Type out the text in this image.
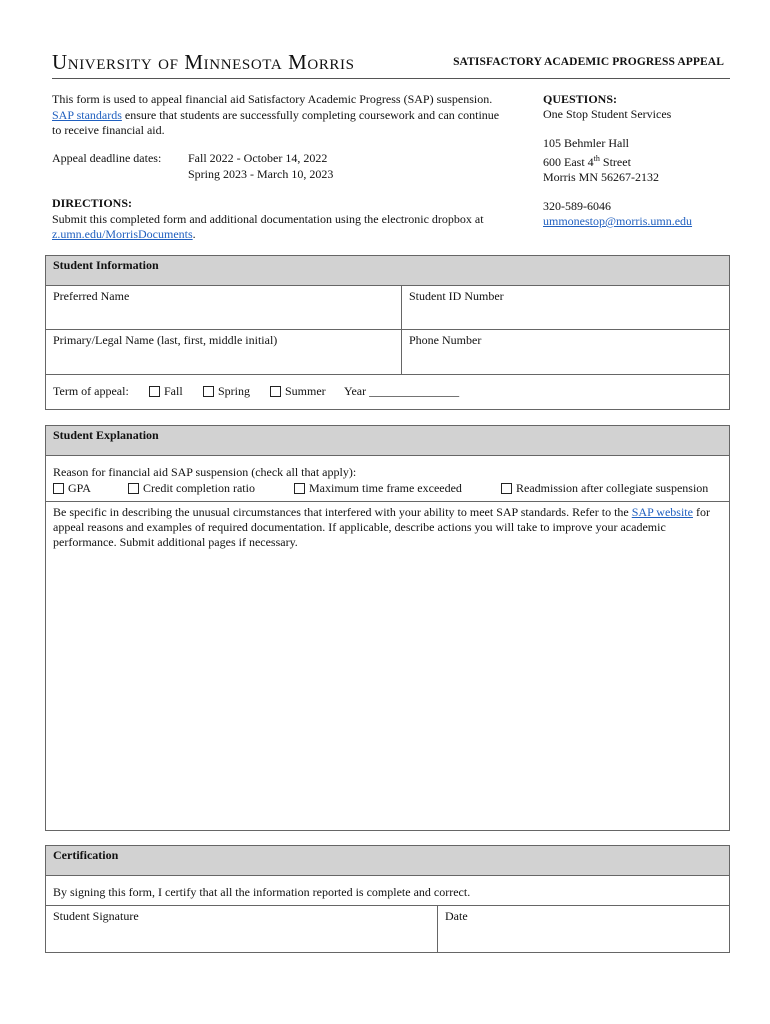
University of Minnesota Morris	SATISFACTORY ACADEMIC PROGRESS APPEAL
This form is used to appeal financial aid Satisfactory Academic Progress (SAP) suspension. SAP standards ensure that students are successfully completing coursework and can continue to receive financial aid.
Appeal deadline dates: Fall 2022 - October 14, 2022
Spring 2023 - March 10, 2023
DIRECTIONS:
Submit this completed form and additional documentation using the electronic dropbox at z.umn.edu/MorrisDocuments.
QUESTIONS:
One Stop Student Services
105 Behmler Hall
600 East 4th Street
Morris MN 56267-2132
320-589-6046
ummonestop@morris.umn.edu
Student Information
Preferred Name	Student ID Number
Primary/Legal Name (last, first, middle initial)	Phone Number
Term of appeal:	Fall	Spring	Summer Year _______________
Student Explanation
Reason for financial aid SAP suspension (check all that apply):
GPA	Credit completion ratio	Maximum time frame exceeded	Readmission after collegiate suspension
Be specific in describing the unusual circumstances that interfered with your ability to meet SAP standards. Refer to the SAP website for appeal reasons and examples of required documentation. If applicable, describe actions you will take to improve your academic performance. Submit additional pages if necessary.
Certification
By signing this form, I certify that all the information reported is complete and correct.
Student Signature	Date
